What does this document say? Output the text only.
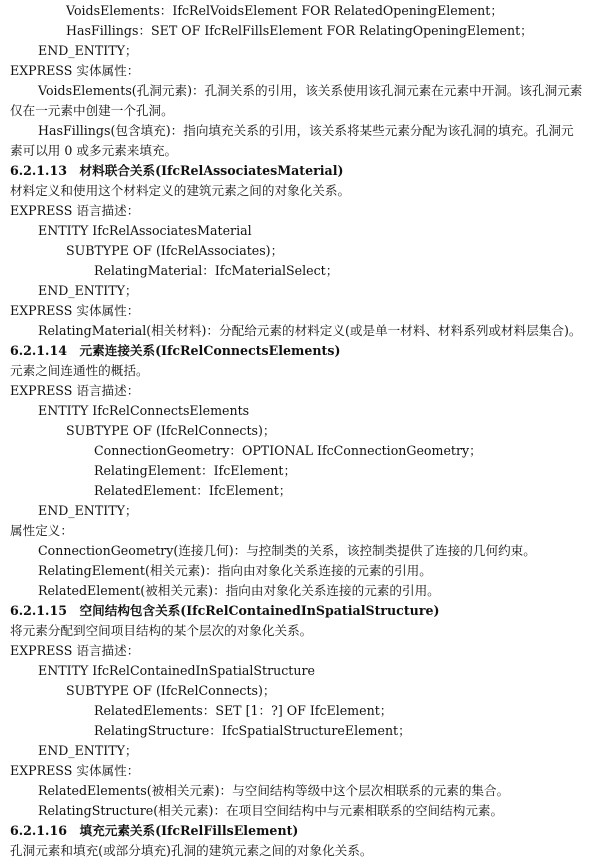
VoidsElements：IfcRelVoidsElement FOR RelatedOpeningElement；
HasFillings：SET OF IfcRelFillsElement FOR RelatingOpeningElement；
END_ENTITY；
EXPRESS 实体属性：
VoidsElements(孔洞元素)：孔洞关系的引用，该关系使用该孔洞元素在元素中开洞。该孔洞元素
仅在一元素中创建一个孔洞。
HasFillings(包含填充)：指向填充关系的引用，该关系将某些元素分配为该孔洞的填充。孔洞元
素可以用 0 或多元素来填充。
6.2.1.13　材料联合关系(IfcRelAssociatesMaterial)
材料定义和使用这个材料定义的建筑元素之间的对象化关系。
EXPRESS 语言描述：
ENTITY IfcRelAssociatesMaterial
SUBTYPE OF (IfcRelAssociates)；
RelatingMaterial：IfcMaterialSelect；
END_ENTITY；
EXPRESS 实体属性：
RelatingMaterial(相关材料)：分配给元素的材料定义(或是单一材料、材料系列或材料层集合)。
6.2.1.14　元素连接关系(IfcRelConnectsElements)
元素之间连通性的概括。
EXPRESS 语言描述：
ENTITY IfcRelConnectsElements
SUBTYPE OF (IfcRelConnects)；
ConnectionGeometry：OPTIONAL IfcConnectionGeometry；
RelatingElement：IfcElement；
RelatedElement：IfcElement；
END_ENTITY；
属性定义：
ConnectionGeometry(连接几何)：与控制类的关系，该控制类提供了连接的几何约束。
RelatingElement(相关元素)：指向由对象化关系连接的元素的引用。
RelatedElement(被相关元素)：指向由对象化关系连接的元素的引用。
6.2.1.15　空间结构包含关系(IfcRelContainedInSpatialStructure)
将元素分配到空间项目结构的某个层次的对象化关系。
EXPRESS 语言描述：
ENTITY IfcRelContainedInSpatialStructure
SUBTYPE OF (IfcRelConnects)；
RelatedElements：SET [1：?] OF IfcElement；
RelatingStructure：IfcSpatialStructureElement；
END_ENTITY；
EXPRESS 实体属性：
RelatedElements(被相关元素)：与空间结构等级中这个层次相联系的元素的集合。
RelatingStructure(相关元素)：在项目空间结构中与元素相联系的空间结构元素。
6.2.1.16　填充元素关系(IfcRelFillsElement)
孔洞元素和填充(或部分填充)孔洞的建筑元素之间的对象化关系。
